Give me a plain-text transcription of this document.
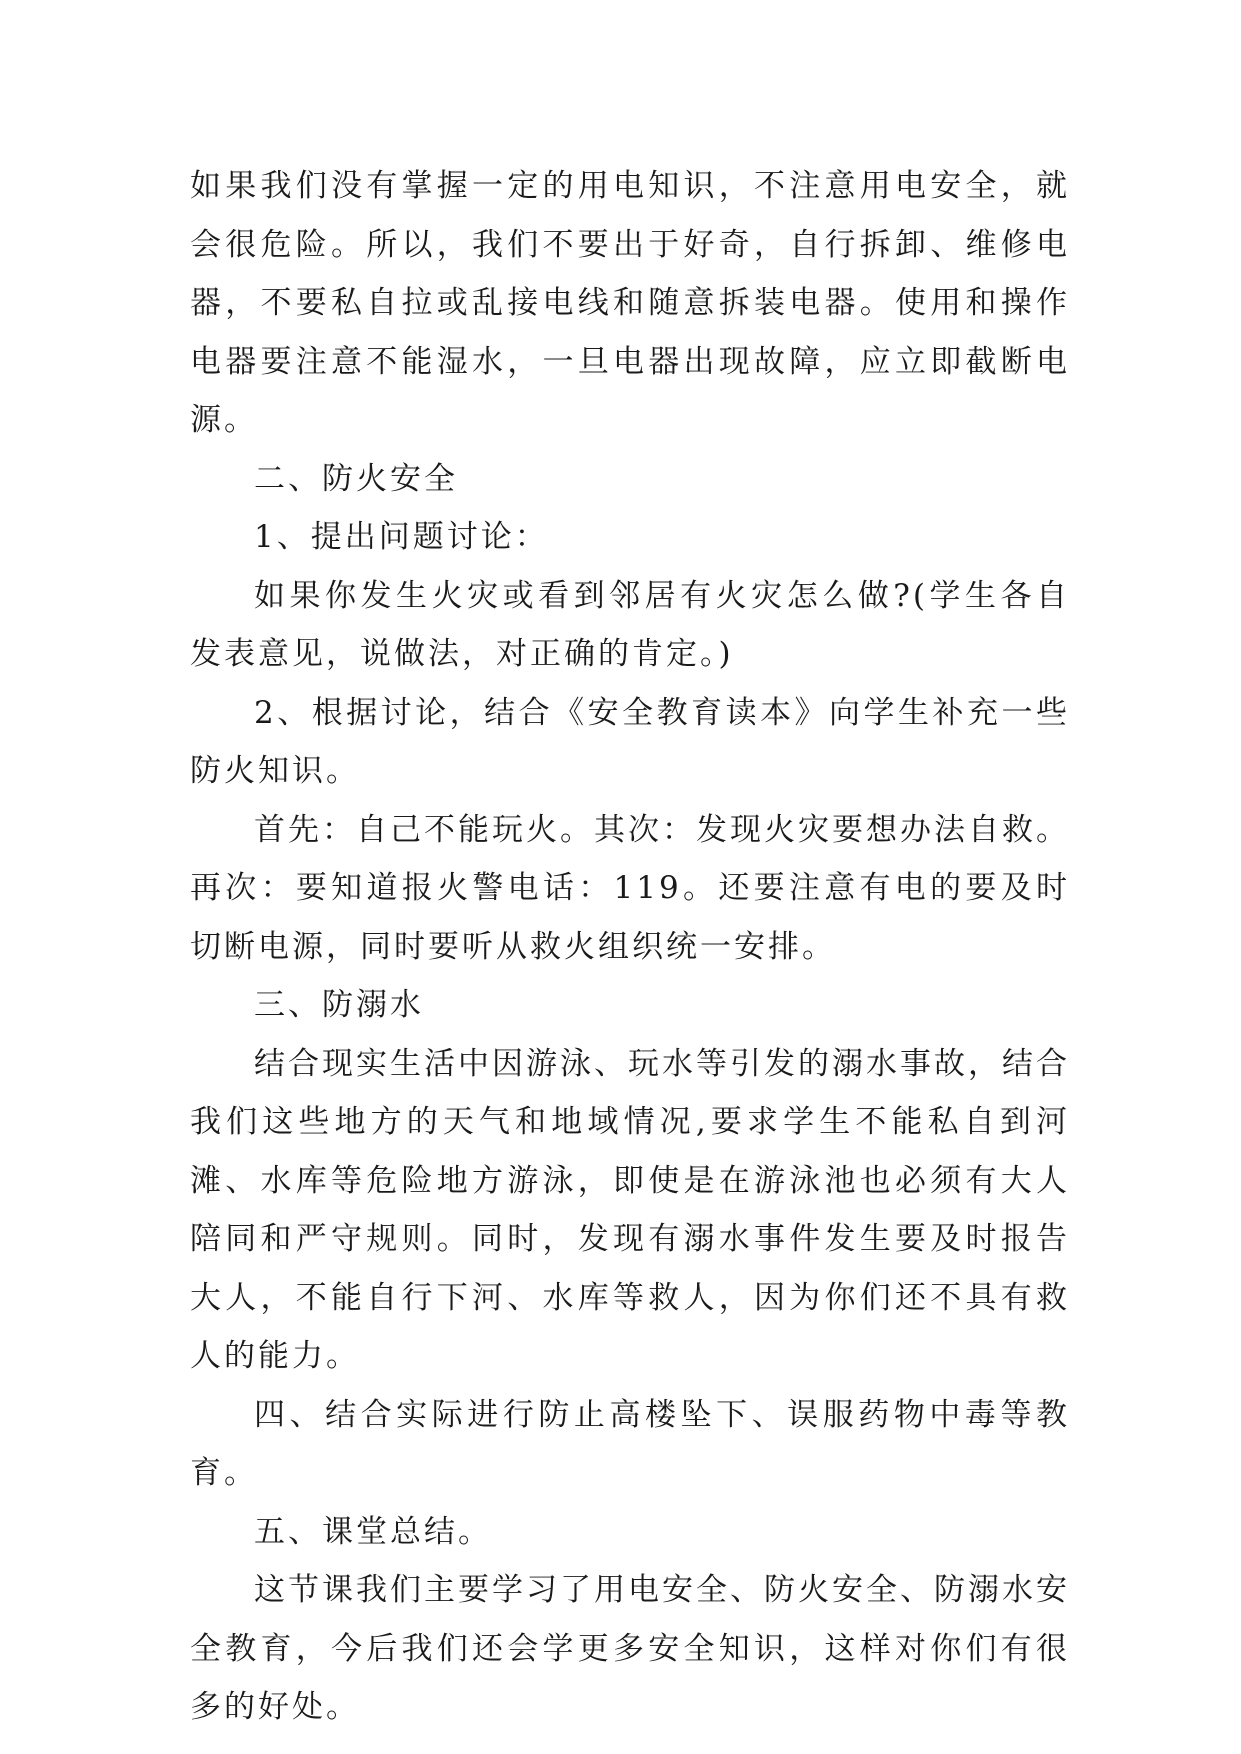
如果我们没有掌握一定的用电知识，不注意用电安全，就会很危险。所以，我们不要出于好奇，自行拆卸、维修电器，不要私自拉或乱接电线和随意拆装电器。使用和操作电器要注意不能湿水，一旦电器出现故障，应立即截断电源。

二、防火安全

1、提出问题讨论：

如果你发生火灾或看到邻居有火灾怎么做?(学生各自发表意见，说做法，对正确的肯定。)

2、根据讨论，结合《安全教育读本》向学生补充一些防火知识。

首先：自己不能玩火。其次：发现火灾要想办法自救。再次：要知道报火警电话：119。还要注意有电的要及时切断电源，同时要听从救火组织统一安排。

三、防溺水

结合现实生活中因游泳、玩水等引发的溺水事故，结合我们这些地方的天气和地域情况,要求学生不能私自到河滩、水库等危险地方游泳，即使是在游泳池也必须有大人陪同和严守规则。同时，发现有溺水事件发生要及时报告大人，不能自行下河、水库等救人，因为你们还不具有救人的能力。

四、结合实际进行防止高楼坠下、误服药物中毒等教育。

五、课堂总结。

这节课我们主要学习了用电安全、防火安全、防溺水安全教育，今后我们还会学更多安全知识，这样对你们有很多的好处。
